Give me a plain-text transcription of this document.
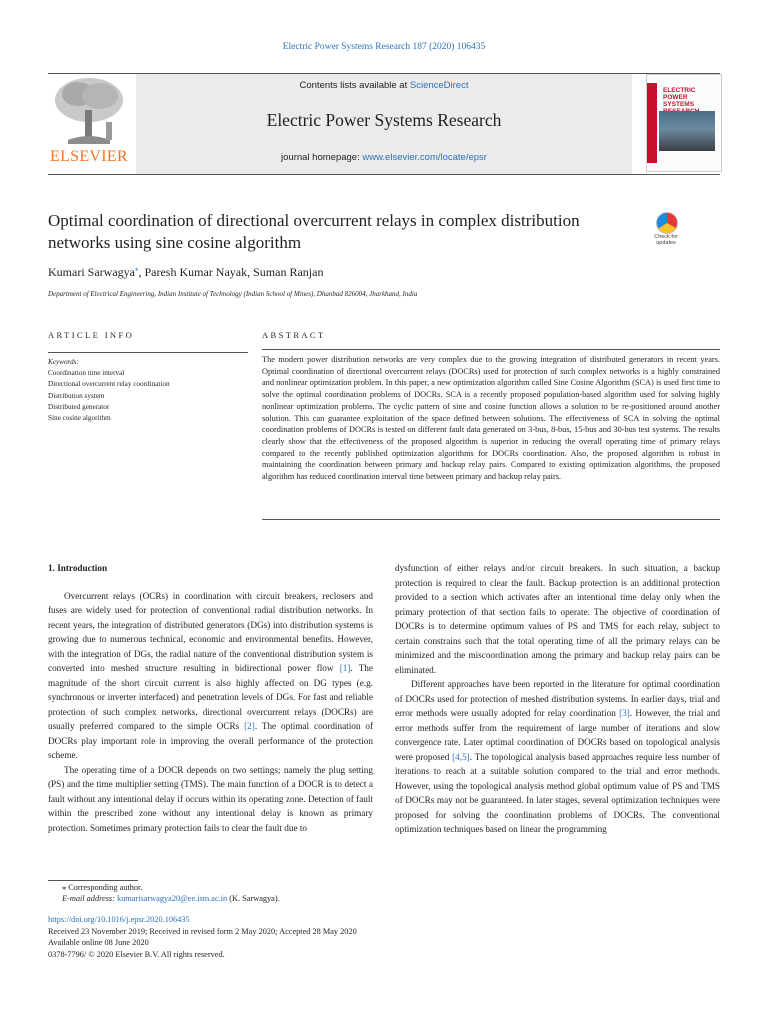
Electric Power Systems Research 187 (2020) 106435
ELSEVIER
Contents lists available at ScienceDirect
Electric Power Systems Research
journal homepage: www.elsevier.com/locate/epsr
ELECTRIC POWER SYSTEMS
Optimal coordination of directional overcurrent relays in complex distribution networks using sine cosine algorithm	Check for updates
Kumari Sarwagya⁎, Paresh Kumar Nayak, Suman Ranjan
Department of Electrical Engineering, Indian Institute of Technology (Indian School of Mines), Dhanbad 826004, Jharkhand, India
ARTICLE INFO	ABSTRACT
Keywords:
Coordination time interval
Directional overcurrent relay coordination
Distribution system
Distributed generator
Sine cosine algorithm
The modern power distribution networks are very complex due to the growing integration of distributed generators in recent years. Optimal coordination of directional overcurrent relays (DOCRs) used for protection of such complex networks is a highly constrained and nonlinear optimization problem. In this paper, a new optimization algorithm called Sine Cosine Algorithm (SCA) is used first time to solve the optimal coordination problems of DOCRs. SCA is a recently proposed population-based algorithm used for solving highly nonlinear optimization problems. The cyclic pattern of sine and cosine function allows a solution to be re-positioned around another solution. This can guarantee exploitation of the space defined between solutions. The effectiveness of SCA in solving the optimal coordination problems of DOCRs is tested on different fault data generated on 3-bus, 8-bus, 15-bus and 30-bus test systems. The results clearly show that the effectiveness of the proposed algorithm is superior in reducing the overall operating time of primary relays compared to the recently published optimization algorithms for DOCRs coordination. Also, the proposed algorithm is robust in maintaining the coordination between primary and backup relay pairs. Compared to existing optimization algorithms, the proposed algorithm has reduced coordination interval time between primary and backup relay pairs.

1. Introduction

Overcurrent relays (OCRs) in coordination with circuit breakers, reclosers and fuses are widely used for protection of conventional radial distribution networks. In recent years, the integration of distributed generators (DGs) into distribution systems is growing due to numerous technical, economic and environmental benefits. However, with the integration of DGs, the radial nature of the conventional distribution system is converted into meshed structure resulting in bidirectional power flow [1]. The magnitude of the short circuit current is also highly affected on DG types (e.g. synchronous or inverter interfaced) and penetration levels of DGs. For fast and reliable protection of such complex networks, directional overcurrent relays (DOCRs) are usually preferred compared to the simple OCRs [2]. The optimal coordination of DOCRs play important role in improving the overall performance of the protection scheme.

The operating time of a DOCR depends on two settings; namely the plug setting (PS) and the time multiplier setting (TMS). The main function of a DOCR is to detect a fault without any intentional delay if occurs within its operating zone. Detection of fault within the prescribed zone without any intentional delay is known as primary protection. Sometimes primary protection fails to clear the fault due to

dysfunction of either relays and/or circuit breakers. In such situation, a backup protection is required to clear the fault. Backup protection is an additional protection provided to a section which activates after an intentional time delay only when the primary protection of that section fails to operate. The objective of coordination of DOCRs is to determine optimum values of PS and TMS for each relay, subject to certain constrains such that the total operating time of all the primary relays can be minimized and the miscoordination among the primary and backup relay pairs can be eliminated.

Different approaches have been reported in the literature for optimal coordination of DOCRs used for protection of meshed distribution systems. In earlier days, trial and error methods were usually adopted for relay coordination [3]. However, the trial and error methods suffer from the requirement of large number of iterations and slow convergence rate. Later optimal coordination of DOCRs based on topological analysis were proposed [4,5]. The topological analysis based approaches require less number of iterations to reach at a suitable solution compared to the trial and error methods. However, using the topological analysis method global optimum value of PS and TMS of DOCRs may not be guaranteed. In later stages, several optimization techniques were proposed for solving the coordination problems of DOCRs. The conventional optimization techniques based on linear the programming

⁎ Corresponding author.
E-mail address: kumarisarwagya20@ee.ism.ac.in (K. Sarwagya).
https://doi.org/10.1016/j.epsr.2020.106435
Received 23 November 2019; Received in revised form 2 May 2020; Accepted 28 May 2020
Available online 08 June 2020
0378-7796/ © 2020 Elsevier B.V. All rights reserved.
